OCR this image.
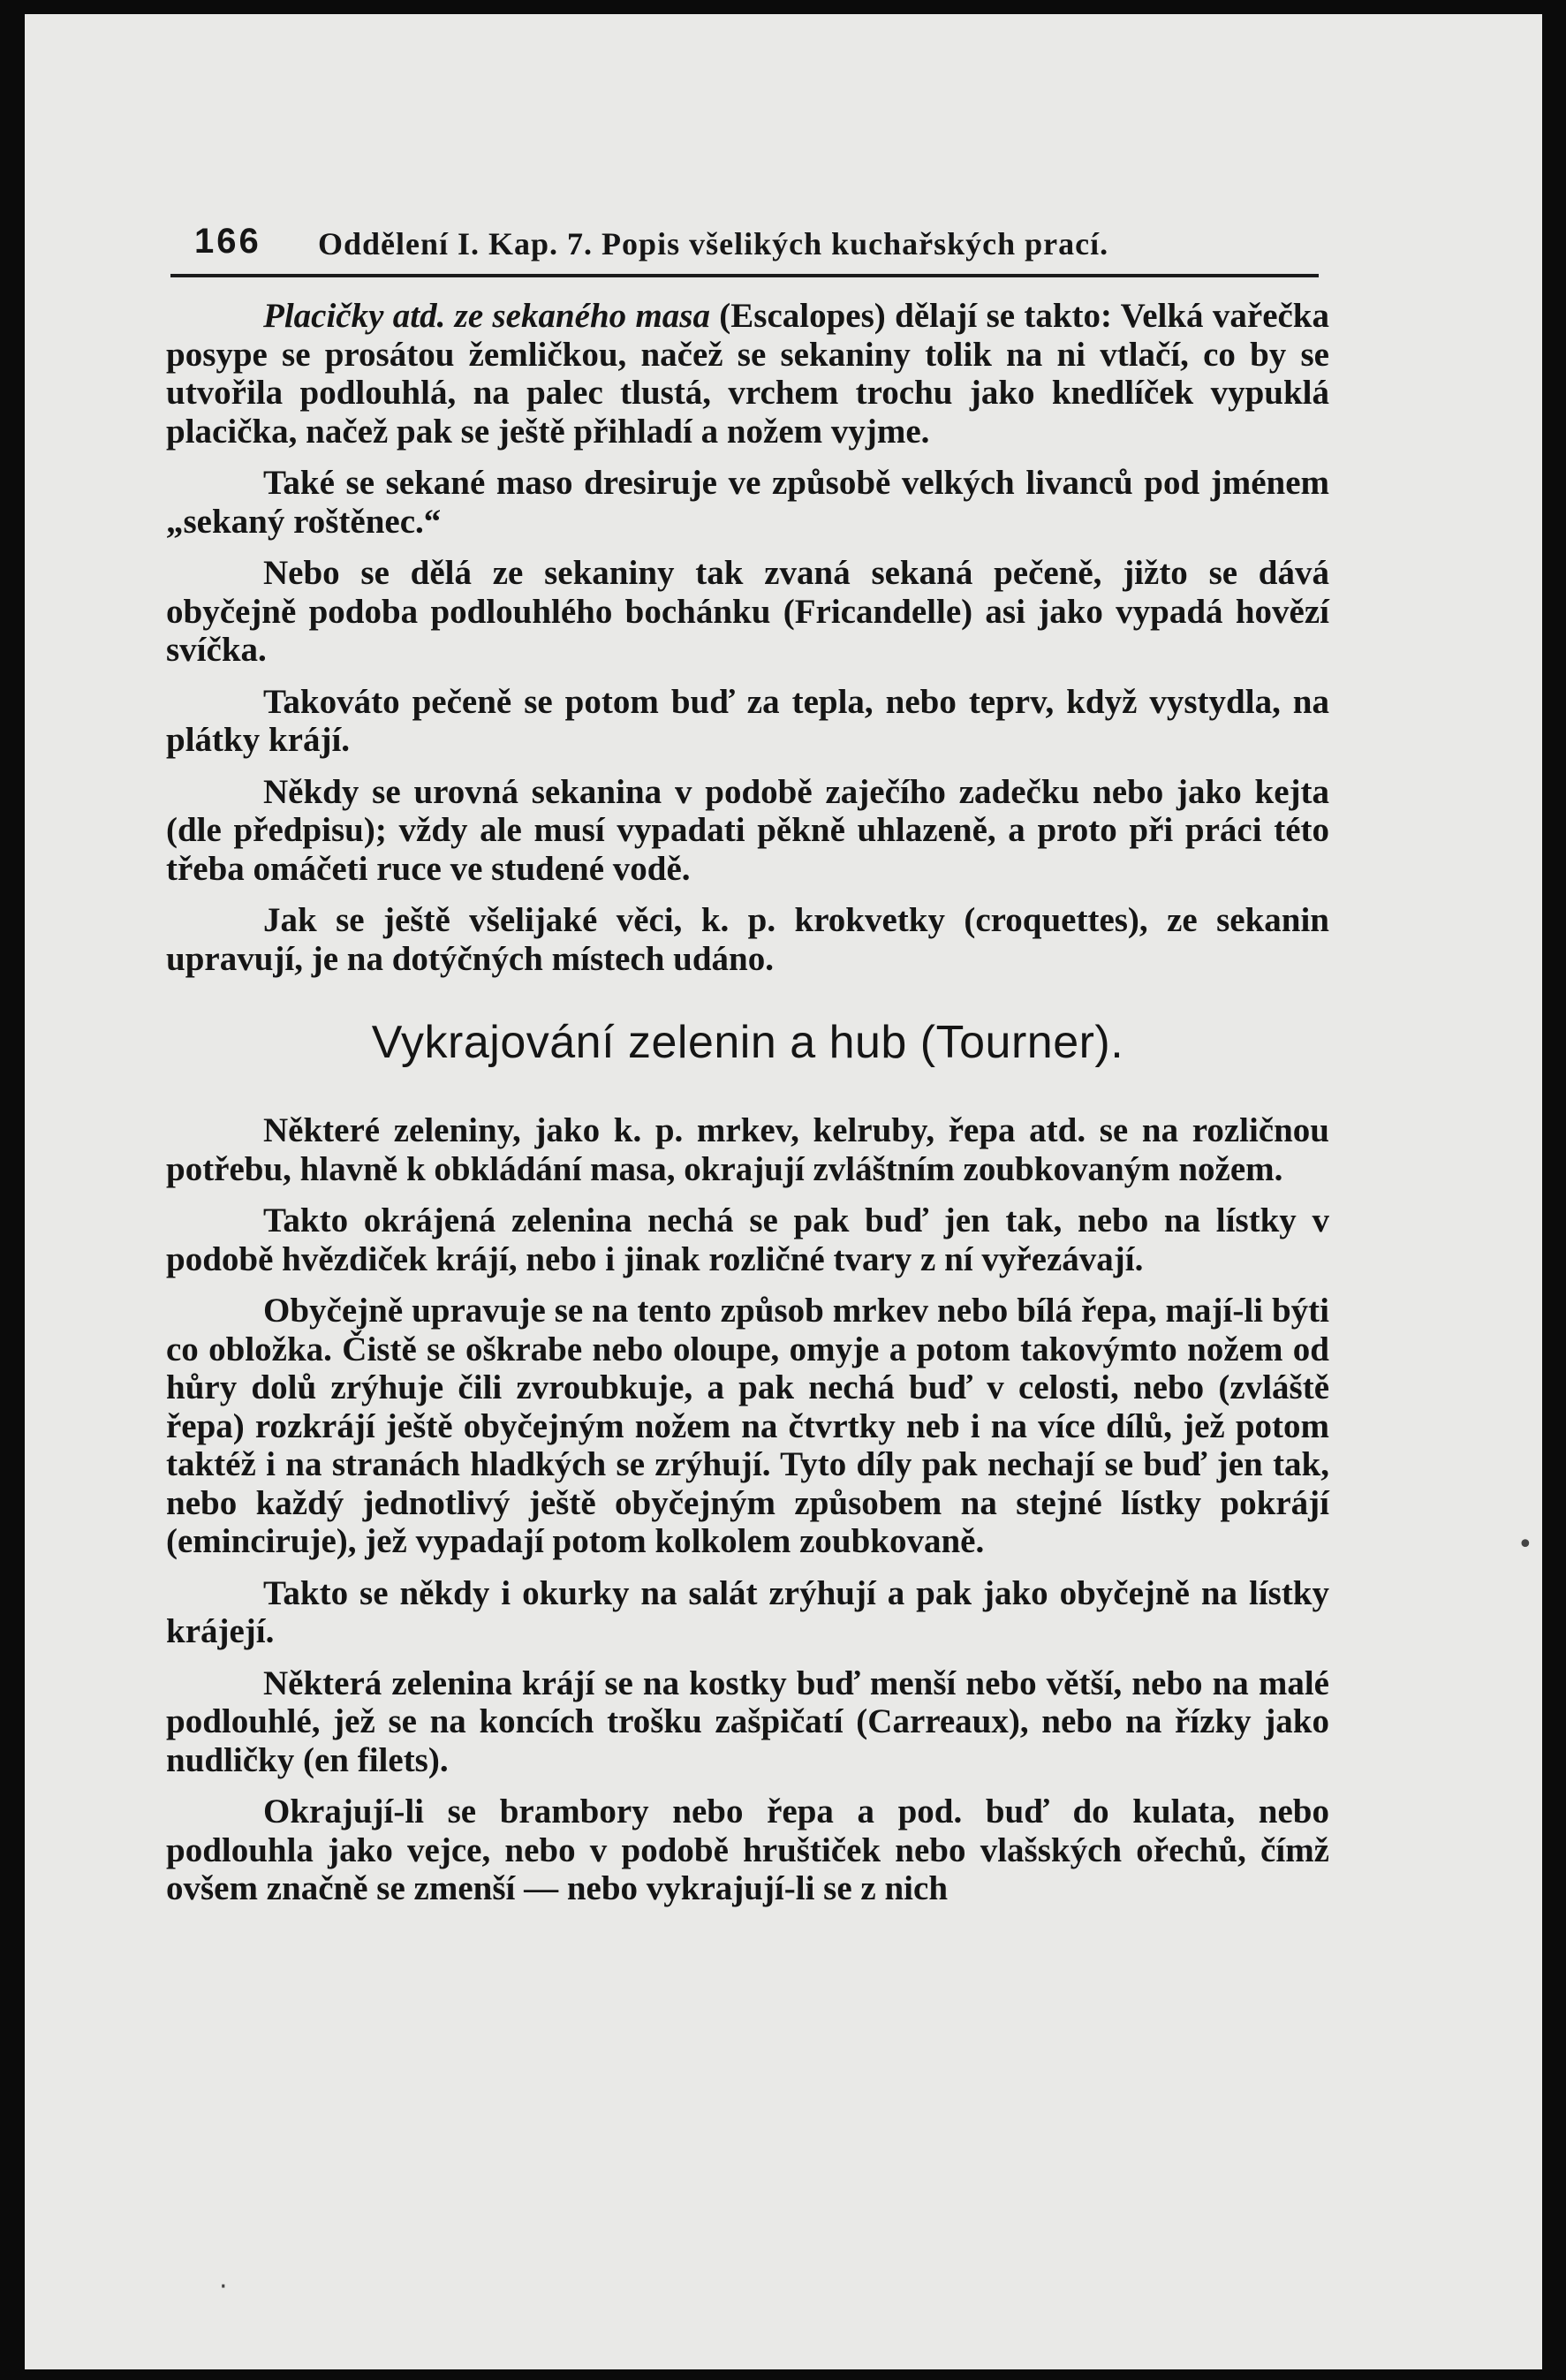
166 Oddělení I. Kap. 7. Popis všelikých kuchařských prací.

Placičky atd. ze sekaného masa (Escalopes) dělají se takto: Velká vařečka posype se prosátou žemličkou, načež se sekaniny tolik na ni vtlačí, co by se utvořila podlouhlá, na palec tlustá, vrchem trochu jako knedlíček vypuklá placička, načež pak se ještě přihladí a nožem vyjme.

Také se sekané maso dresiruje ve způsobě velkých livanců pod jménem „sekaný roštěnec.“

Nebo se dělá ze sekaniny tak zvaná sekaná pečeně, jižto se dává obyčejně podoba podlouhlého bochánku (Fricandelle) asi jako vypadá hovězí svíčka.

Takováto pečeně se potom buď za tepla, nebo teprv, když vystydla, na plátky krájí.

Někdy se urovná sekanina v podobě zaječího zadečku nebo jako kejta (dle předpisu); vždy ale musí vypadati pěkně uhlazeně, a proto při práci této třeba omáčeti ruce ve studené vodě.

Jak se ještě všelijaké věci, k. p. krokvetky (croquettes), ze sekanin upravují, je na dotýčných místech udáno.

Vykrajování zelenin a hub (Tourner).

Některé zeleniny, jako k. p. mrkev, kelruby, řepa atd. se na rozličnou potřebu, hlavně k obkládání masa, okrajují zvláštním zoubkovaným nožem.

Takto okrájená zelenina nechá se pak buď jen tak, nebo na lístky v podobě hvězdiček krájí, nebo i jinak rozličné tvary z ní vyřezávají.

Obyčejně upravuje se na tento způsob mrkev nebo bílá řepa, mají-li býti co obložka. Čistě se oškrabe nebo oloupe, omyje a potom takovýmto nožem od hůry dolů zrýhuje čili zvroubkuje, a pak nechá buď v celosti, nebo (zvláště řepa) rozkrájí ještě obyčejným nožem na čtvrtky neb i na více dílů, jež potom taktéž i na stranách hladkých se zrýhují. Tyto díly pak nechají se buď jen tak, nebo každý jednotlivý ještě obyčejným způsobem na stejné lístky pokrájí (eminciruje), jež vypadají potom kolkolem zoubkovaně.

Takto se někdy i okurky na salát zrýhují a pak jako obyčejně na lístky krájejí.

Některá zelenina krájí se na kostky buď menší nebo větší, nebo na malé podlouhlé, jež se na koncích trošku zašpičatí (Carreaux), nebo na řízky jako nudličky (en filets).

Okrajují-li se brambory nebo řepa a pod. buď do kulata, nebo podlouhla jako vejce, nebo v podobě hruštiček nebo vlašských ořechů, čímž ovšem značně se zmenší — nebo vykrajují-li se z nich

•
·
